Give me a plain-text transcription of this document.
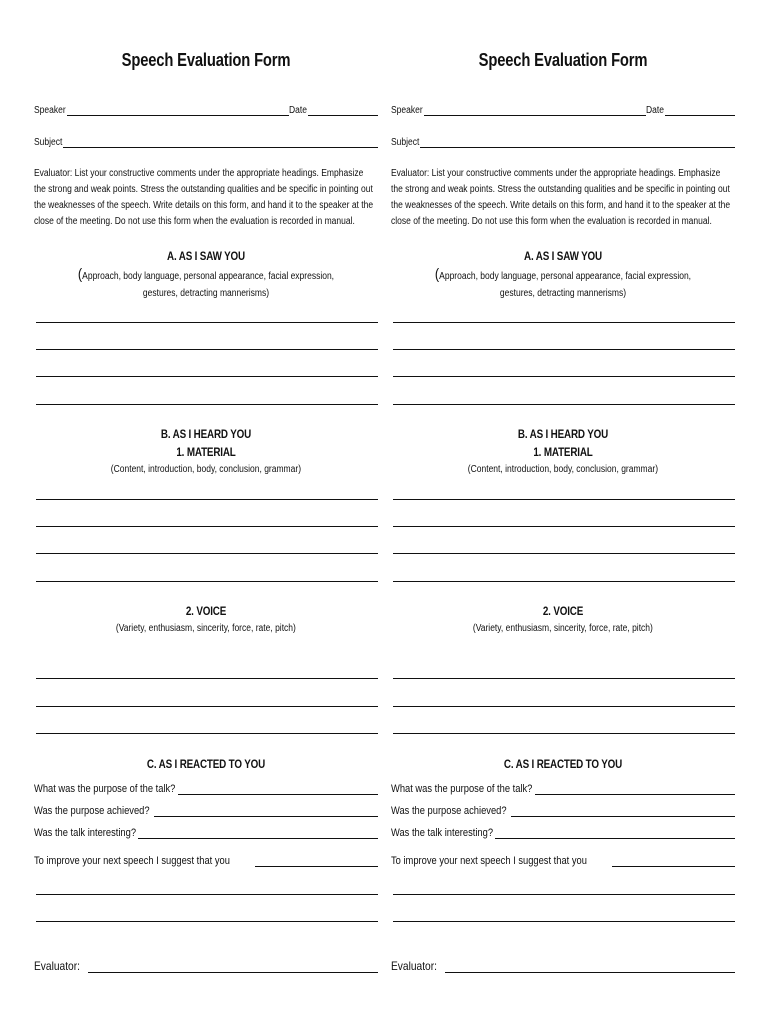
Speech Evaluation Form
Speaker	Date
Subject
Evaluator: List your constructive comments under the appropriate headings. Emphasize the strong and weak points. Stress the outstanding qualities and be specific in pointing out the weaknesses of the speech. Write details on this form, and hand it to the speaker at the close of the meeting. Do not use this form when the evaluation is recorded in manual.
A. AS I SAW YOU
(Approach, body language, personal appearance, facial expression, gestures, detracting mannerisms)
B. AS I HEARD YOU
1. MATERIAL
(Content, introduction, body, conclusion, grammar)
2. VOICE
(Variety, enthusiasm, sincerity, force, rate, pitch)
C. AS I REACTED TO YOU
What was the purpose of the talk?
Was the purpose achieved?
Was the talk interesting?
To improve your next speech I suggest that you
Evaluator:
Speech Evaluation Form
Speaker	Date
Subject
Evaluator: List your constructive comments under the appropriate headings. Emphasize the strong and weak points. Stress the outstanding qualities and be specific in pointing out the weaknesses of the speech. Write details on this form, and hand it to the speaker at the close of the meeting. Do not use this form when the evaluation is recorded in manual.
A. AS I SAW YOU
(Approach, body language, personal appearance, facial expression, gestures, detracting mannerisms)
B. AS I HEARD YOU
1. MATERIAL
(Content, introduction, body, conclusion, grammar)
2. VOICE
(Variety, enthusiasm, sincerity, force, rate, pitch)
C. AS I REACTED TO YOU
What was the purpose of the talk?
Was the purpose achieved?
Was the talk interesting?
To improve your next speech I suggest that you
Evaluator:
